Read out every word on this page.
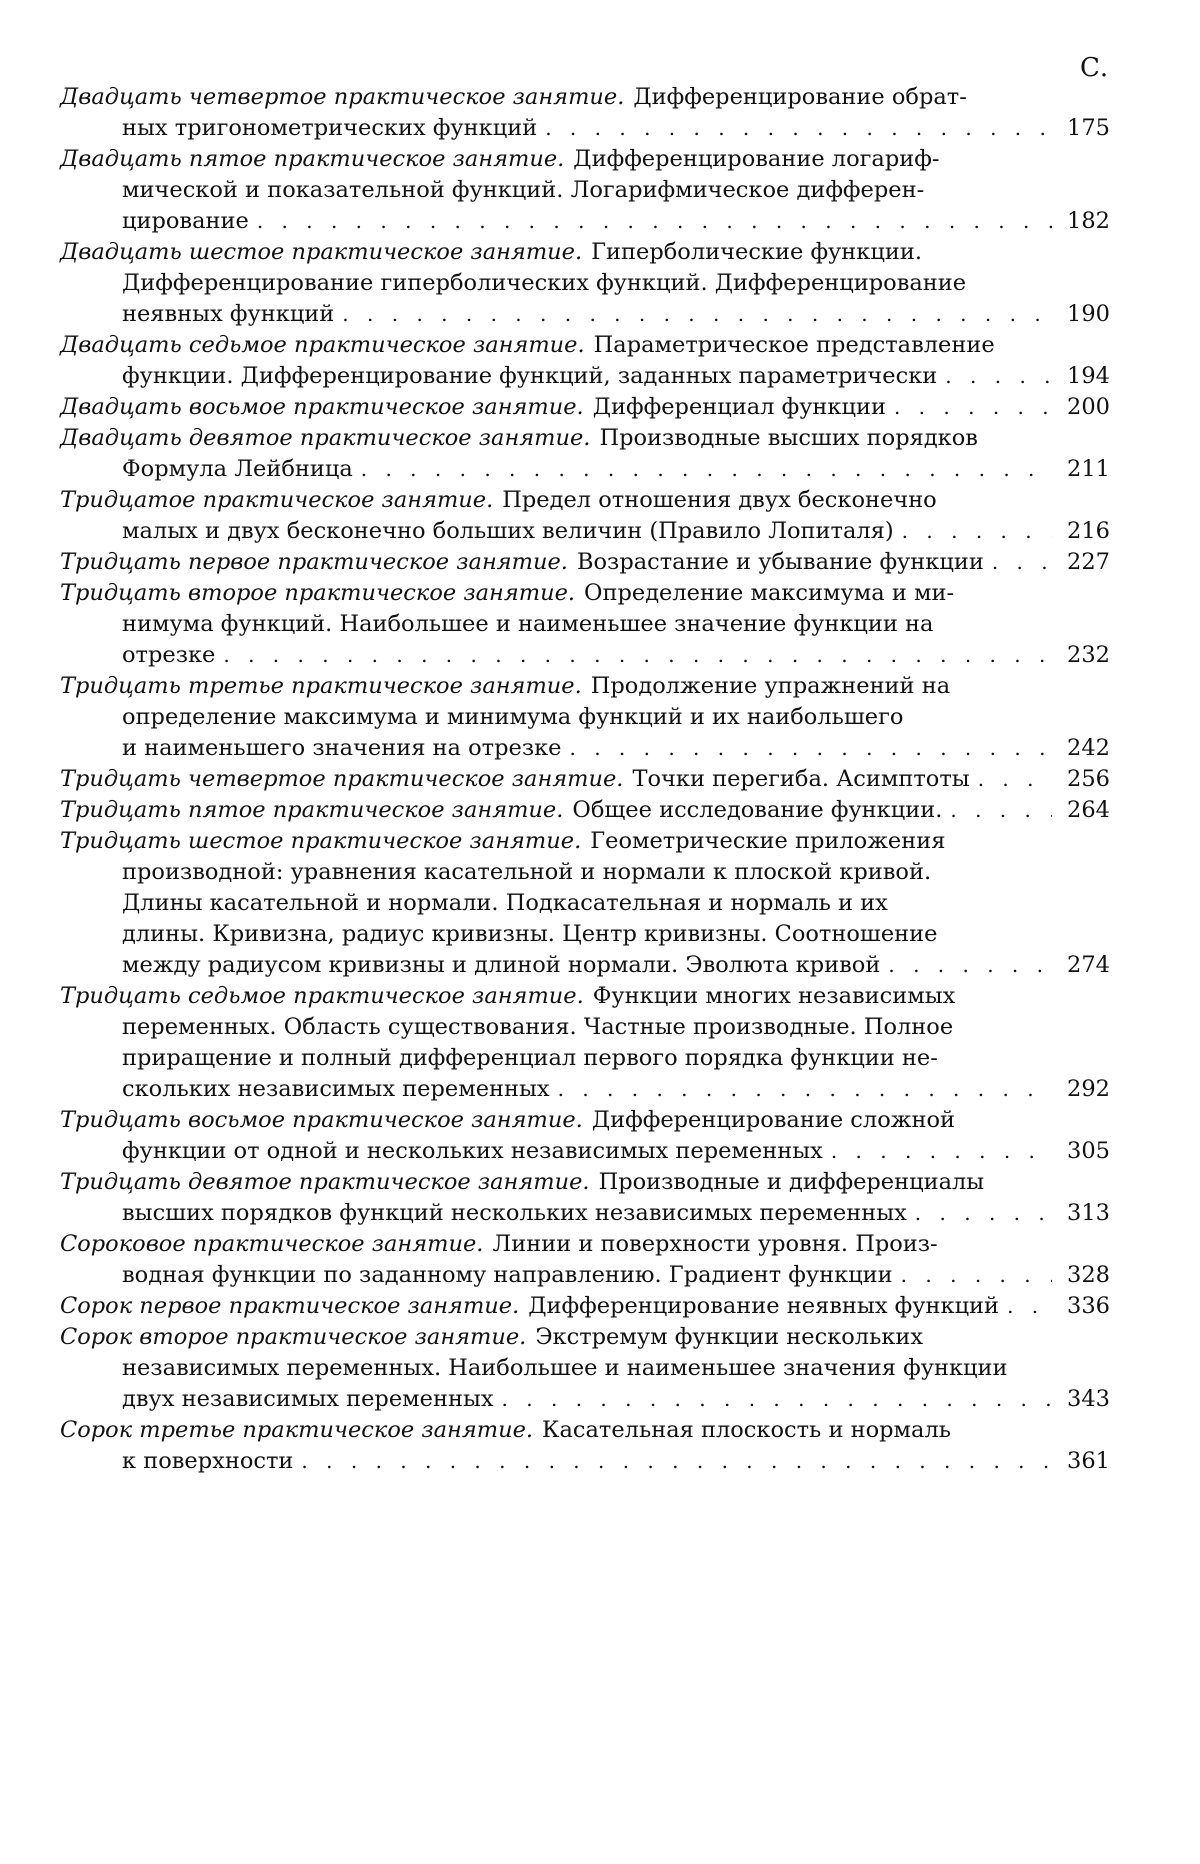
С.
Двадцать четвертое практическое занятие. Дифференцирование обрат-
ных тригонометрических функций . . .	175
Двадцать пятое практическое занятие. Дифференцирование логариф-
мической и показательной функций. Логарифмическое дифферен-
цирование . . .	182
Двадцать шестое практическое занятие. Гиперболические функции.
Дифференцирование гиперболических функций. Дифференцирование
неявных функций . . .	190
Двадцать седьмое практическое занятие. Параметрическое представление
функции. Дифференцирование функций, заданных параметрически . . .	194
Двадцать восьмое практическое занятие. Дифференциал функции . . .	200
Двадцать девятое практическое занятие. Производные высших порядков
Формула Лейбница . . .	211
Тридцатое практическое занятие. Предел отношения двух бесконечно
малых и двух бесконечно больших величин (Правило Лопиталя) . . .	216
Тридцать первое практическое занятие. Возрастание и убывание функции . . .	227
Тридцать второе практическое занятие. Определение максимума и ми-
нимума функций. Наибольшее и наименьшее значение функции на
отрезке . . .	232
Тридцать третье практическое занятие. Продолжение упражнений на
определение максимума и минимума функций и их наибольшего
и наименьшего значения на отрезке . . .	242
Тридцать четвертое практическое занятие. Точки перегиба. Асимптоты . . .	256
Тридцать пятое практическое занятие. Общее исследование функции. . . .	264
Тридцать шестое практическое занятие. Геометрические приложения
производной: уравнения касательной и нормали к плоской кривой.
Длины касательной и нормали. Подкасательная и нормаль и их
длины. Кривизна, радиус кривизны. Центр кривизны. Соотношение
между радиусом кривизны и длиной нормали. Эволюта кривой . . .	274
Тридцать седьмое практическое занятие. Функции многих независимых
переменных. Область существования. Частные производные. Полное
приращение и полный дифференциал первого порядка функции не-
скольких независимых переменных . . .	292
Тридцать восьмое практическое занятие. Дифференцирование сложной
функции от одной и нескольких независимых переменных . . .	305
Тридцать девятое практическое занятие. Производные и дифференциалы
высших порядков функций нескольких независимых переменных . . .	313
Сороковое практическое занятие. Линии и поверхности уровня. Произ-
водная функции по заданному направлению. Градиент функции . . .	328
Сорок первое практическое занятие. Дифференцирование неявных функций . . .	336
Сорок второе практическое занятие. Экстремум функции нескольких
независимых переменных. Наибольшее и наименьшее значения функции
двух независимых переменных . . .	343
Сорок третье практическое занятие. Касательная плоскость и нормаль
к поверхности . . .	361
